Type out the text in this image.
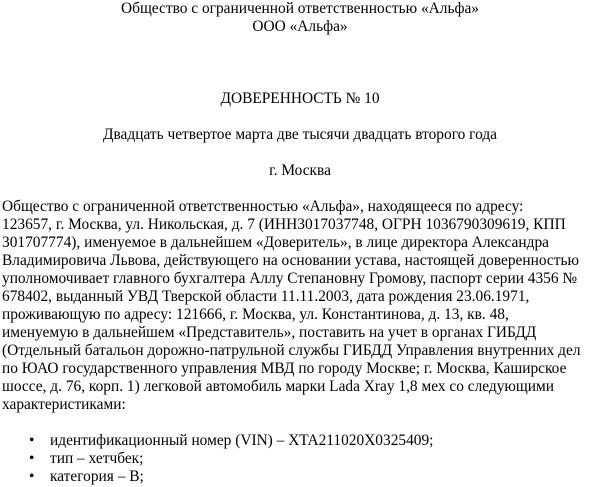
Общество с ограниченной ответственностью «Альфа»
ООО «Альфа»
ДОВЕРЕННОСТЬ № 10
Двадцать четвертое марта две тысячи двадцать второго года
г. Москва
Общество с ограниченной ответственностью «Альфа», находящееся по адресу:
123657, г. Москва, ул. Никольская, д. 7 (ИНН3017037748, ОГРН 1036790309619, КПП
301707774), именуемое в дальнейшем «Доверитель», в лице директора Александра
Владимировича Львова, действующего на основании устава, настоящей доверенностью
уполномочивает главного бухгалтера Аллу Степановну Громову, паспорт серии 4356 №
678402, выданный УВД Тверской области 11.11.2003, дата рождения 23.06.1971,
проживающую по адресу: 121666, г. Москва, ул. Константинова, д. 13, кв. 48,
именуемую в дальнейшем «Представитель», поставить на учет в органах ГИБДД
(Отдельный батальон дорожно-патрульной службы ГИБДД Управления внутренних дел
по ЮАО государственного управления МВД по городу Москве; г. Москва, Каширское
шоссе, д. 76, корп. 1) легковой автомобиль марки Lada Xray 1,8 мех со следующими
характеристиками:
• идентификационный номер (VIN) – XTA211020X0325409;
• тип – хетчбек;
• категория – В;
